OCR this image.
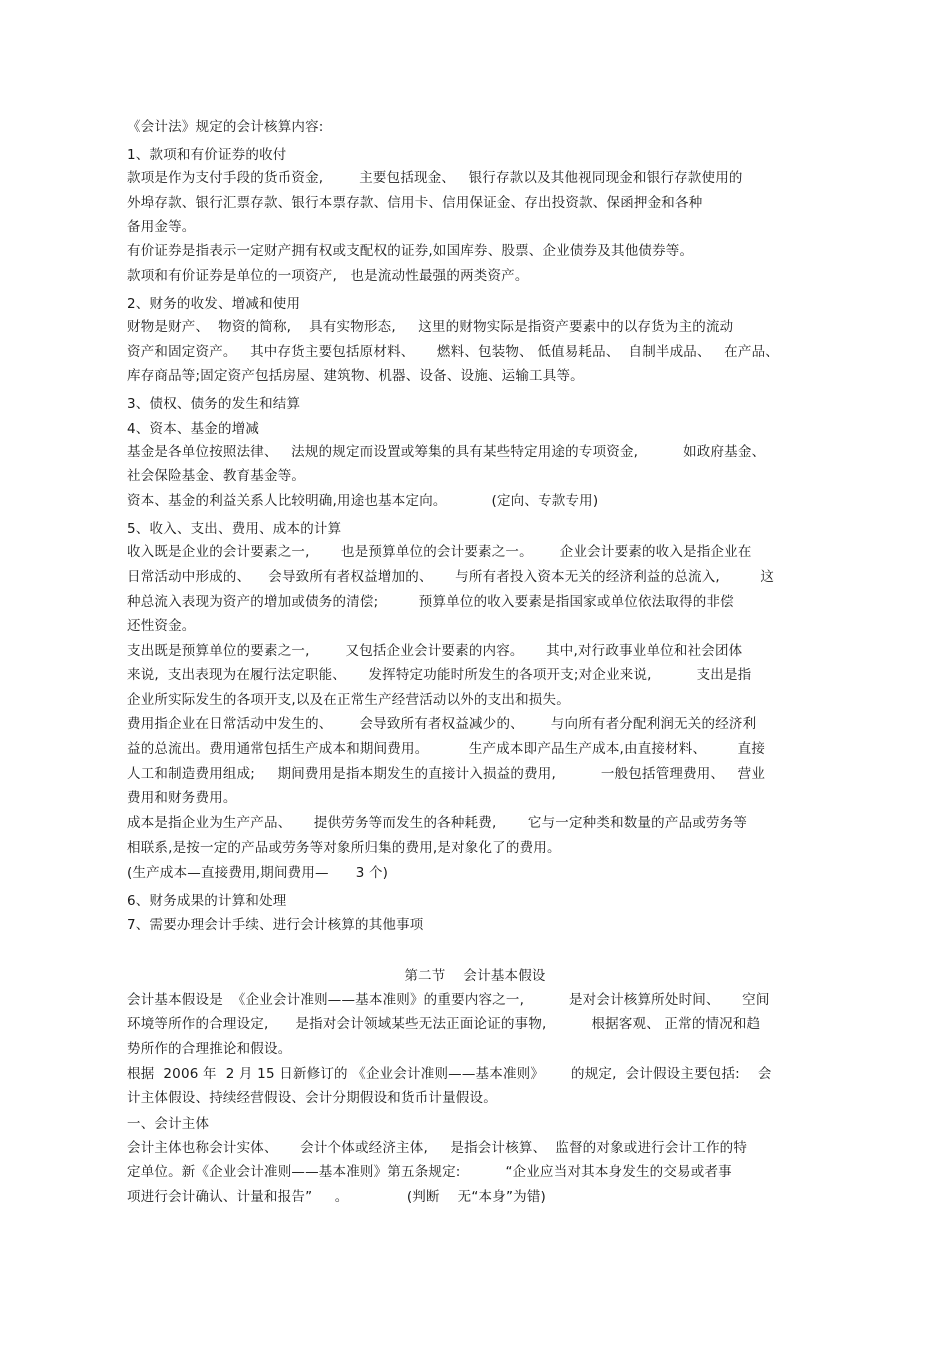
《会计法》规定的会计核算内容:
1、款项和有价证券的收付
款项是作为支付手段的货币资金,        主要包括现金、   银行存款以及其他视同现金和银行存款使用的
外埠存款、银行汇票存款、银行本票存款、信用卡、信用保证金、存出投资款、保函押金和各种
备用金等。
有价证券是指表示一定财产拥有权或支配权的证券,如国库券、股票、企业债券及其他债券等。
款项和有价证券是单位的一项资产,   也是流动性最强的两类资产。
2、财务的收发、增减和使用
财物是财产、  物资的简称,    具有实物形态,     这里的财物实际是指资产要素中的以存货为主的流动
资产和固定资产。   其中存货主要包括原材料、     燃料、包装物、 低值易耗品、  自制半成品、   在产品、
库存商品等;固定资产包括房屋、建筑物、机器、设备、设施、运输工具等。
3、债权、债务的发生和结算
4、资本、基金的增减
基金是各单位按照法律、   法规的规定而设置或筹集的具有某些特定用途的专项资金,          如政府基金、
社会保险基金、教育基金等。
资本、基金的利益关系人比较明确,用途也基本定向。          (定向、专款专用)
5、收入、支出、费用、成本的计算
收入既是企业的会计要素之一,       也是预算单位的会计要素之一。      企业会计要素的收入是指企业在
日常活动中形成的、    会导致所有者权益增加的、     与所有者投入资本无关的经济利益的总流入,         这
种总流入表现为资产的增加或债务的清偿;         预算单位的收入要素是指国家或单位依法取得的非偿
还性资金。
支出既是预算单位的要素之一,        又包括企业会计要素的内容。     其中,对行政事业单位和社会团体
来说,  支出表现为在履行法定职能、     发挥特定功能时所发生的各项开支;对企业来说,          支出是指
企业所实际发生的各项开支,以及在正常生产经营活动以外的支出和损失。
费用指企业在日常活动中发生的、      会导致所有者权益减少的、      与向所有者分配利润无关的经济利
益的总流出。费用通常包括生产成本和期间费用。         生产成本即产品生产成本,由直接材料、       直接
人工和制造费用组成;     期间费用是指本期发生的直接计入损益的费用,          一般包括管理费用、   营业
费用和财务费用。
成本是指企业为生产产品、     提供劳务等而发生的各种耗费,       它与一定种类和数量的产品或劳务等
相联系,是按一定的产品或劳务等对象所归集的费用,是对象化了的费用。
(生产成本—直接费用,期间费用—      3 个)
6、财务成果的计算和处理
7、需要办理会计手续、进行会计核算的其他事项
第二节    会计基本假设
会计基本假设是  《企业会计准则——基本准则》的重要内容之一,          是对会计核算所处时间、     空间
环境等所作的合理设定,      是指对会计领域某些无法正面论证的事物,          根据客观、 正常的情况和趋
势所作的合理推论和假设。
根据  2006 年  2 月 15 日新修订的 《企业会计准则——基本准则》      的规定,  会计假设主要包括:    会
计主体假设、持续经营假设、会计分期假设和货币计量假设。
一、会计主体
会计主体也称会计实体、     会计个体或经济主体,     是指会计核算、  监督的对象或进行会计工作的特
定单位。新《企业会计准则——基本准则》第五条规定:          “企业应当对其本身发生的交易或者事
项进行会计确认、计量和报告”     。             (判断    无“本身”为错)
